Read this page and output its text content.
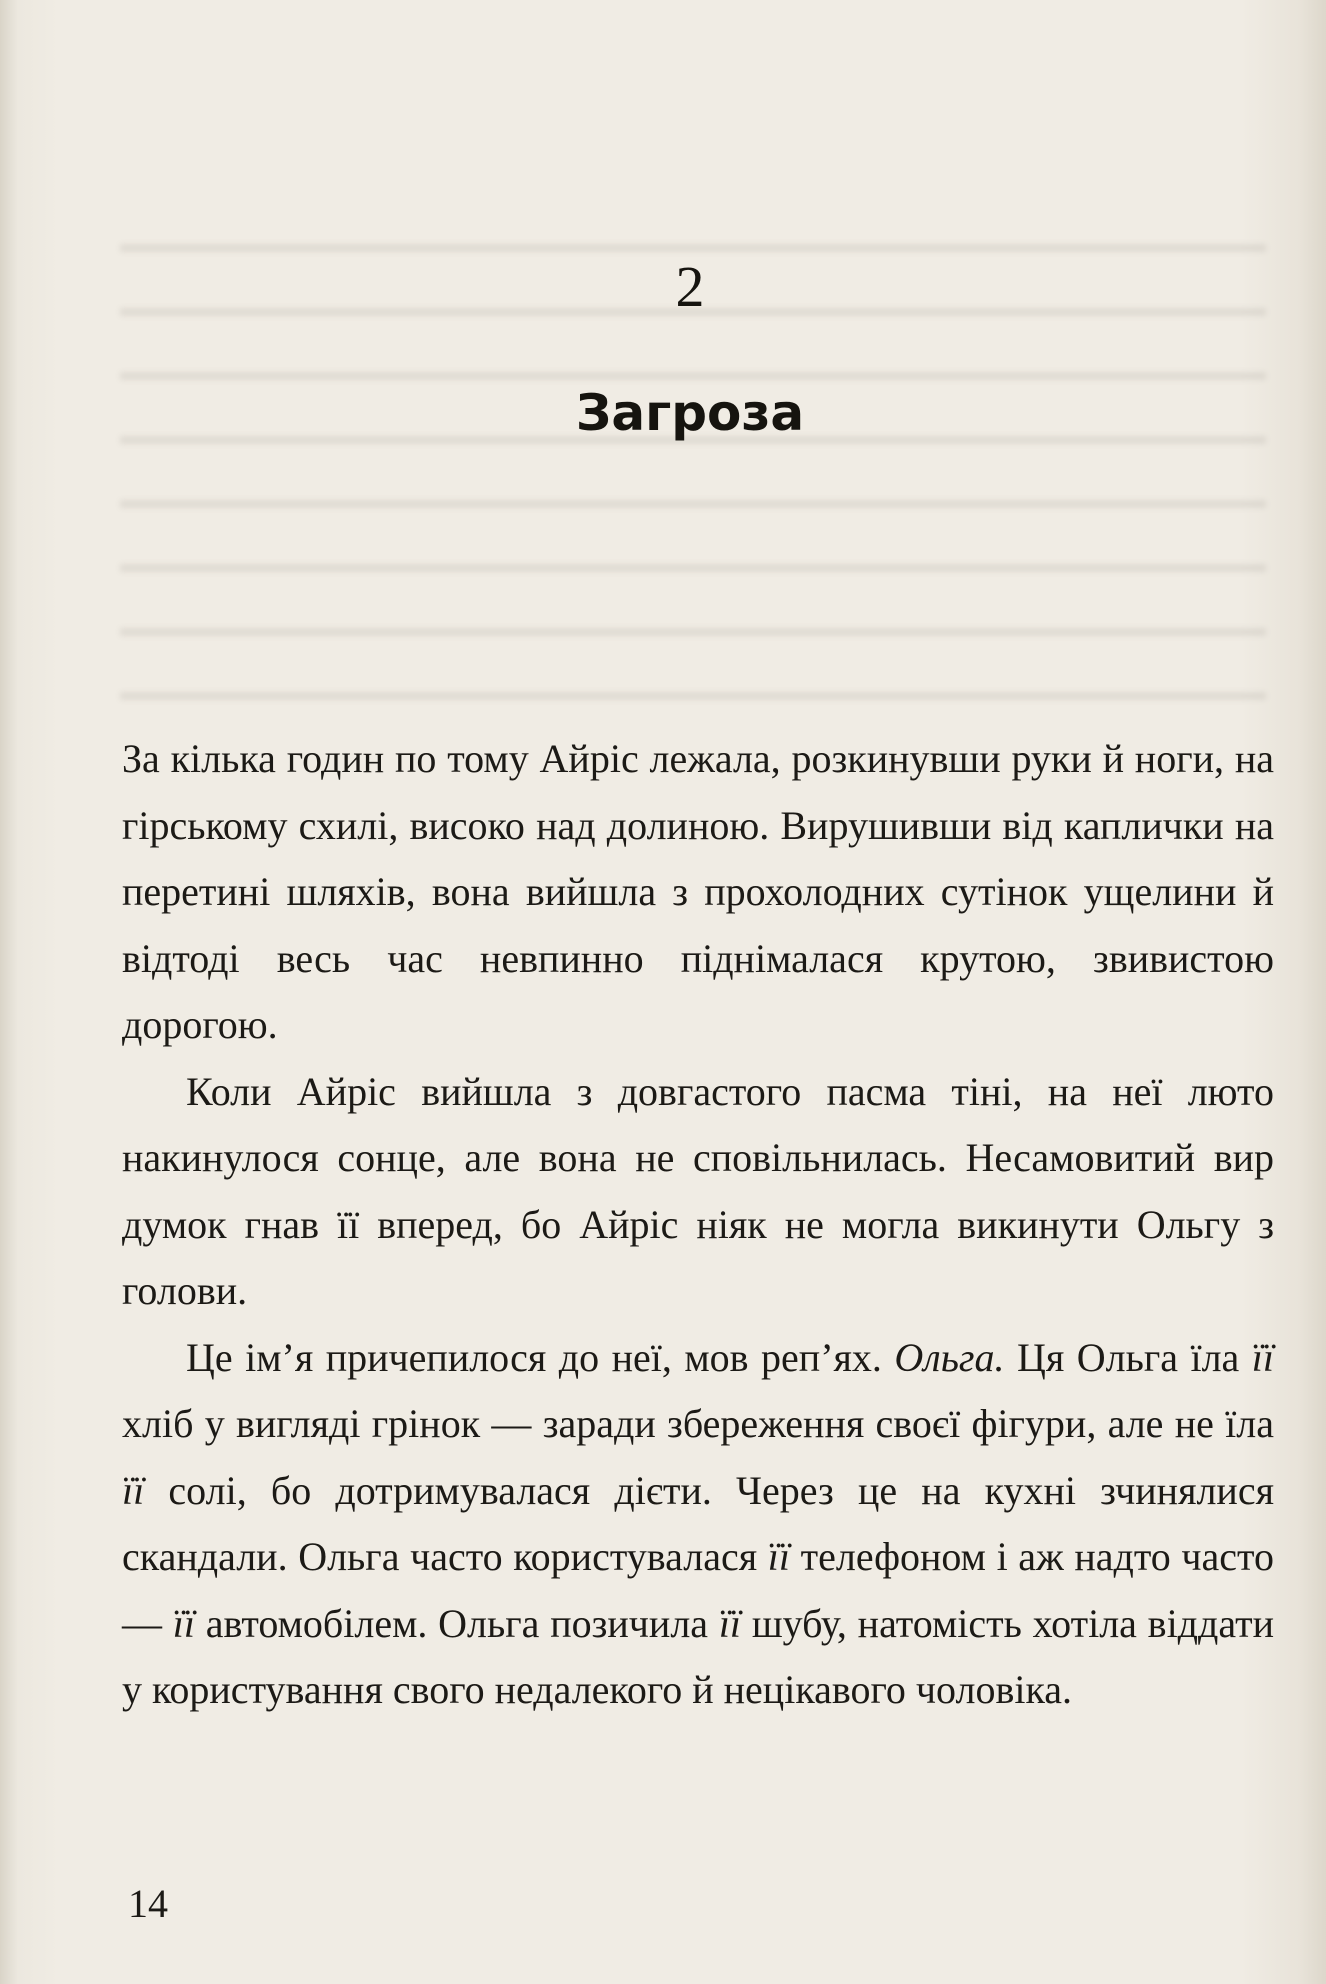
2
Загроза

За кілька годин по тому Айріс лежала, розкинувши руки й ноги, на гірському схилі, високо над долиною. Вирушивши від каплички на перетині шляхів, вона вийшла з прохолодних сутінок ущелини й відтоді весь час невпинно піднімалася крутою, звивистою дорогою.

Коли Айріс вийшла з довгастого пасма тіні, на неї люто накинулося сонце, але вона не сповільнилась. Несамовитий вир думок гнав її вперед, бо Айріс ніяк не могла викинути Ольгу з голови.

Це ім’я причепилося до неї, мов реп’ях. Ольга. Ця Ольга їла її хліб у вигляді грінок — заради збереження своєї фігури, але не їла її солі, бо дотримувалася дієти. Через це на кухні зчинялися скандали. Ольга часто користувалася її телефоном і аж надто часто — її автомобілем. Ольга позичила її шубу, натомість хотіла віддати у користування свого недалекого й нецікавого чоловіка.

14
